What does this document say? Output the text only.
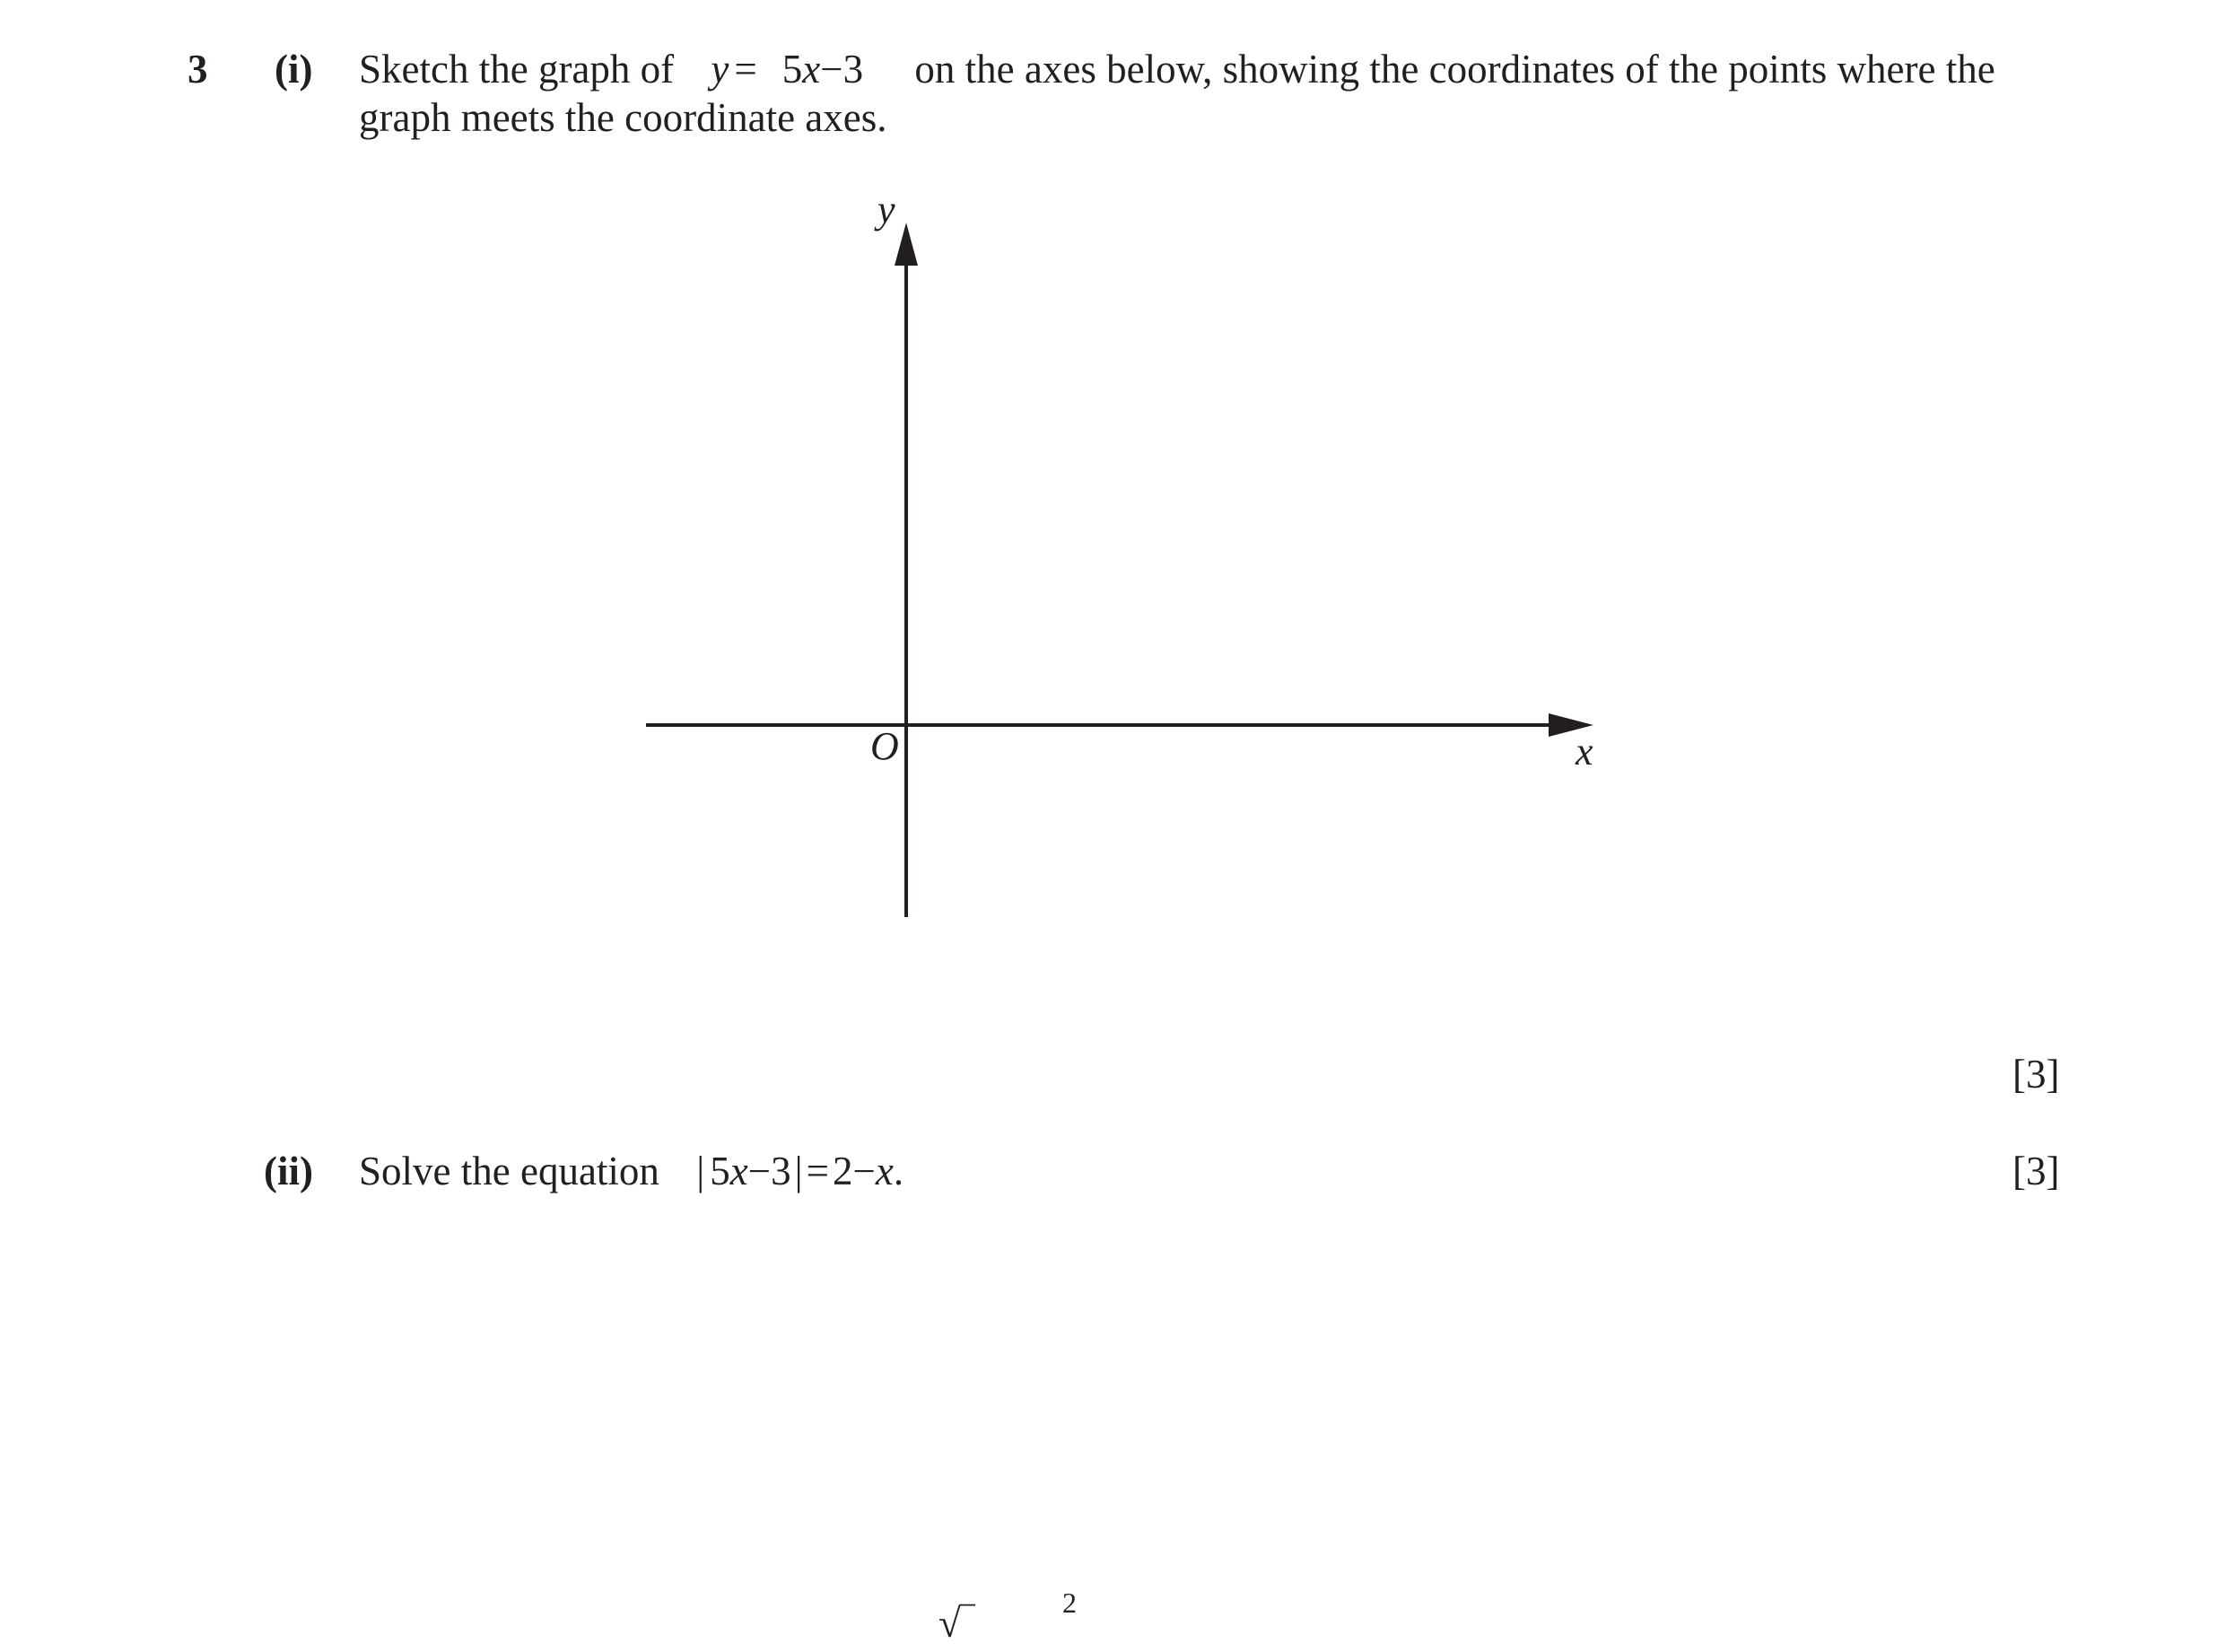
3 (i) Sketch the graph of y = 5x−3 on the axes below, showing the coordinates of the points where the
graph meets the coordinate axes.
y
x
O
[3]
(ii) Solve the equation | 5x−3|=2−x.	[3]
√‾	2
